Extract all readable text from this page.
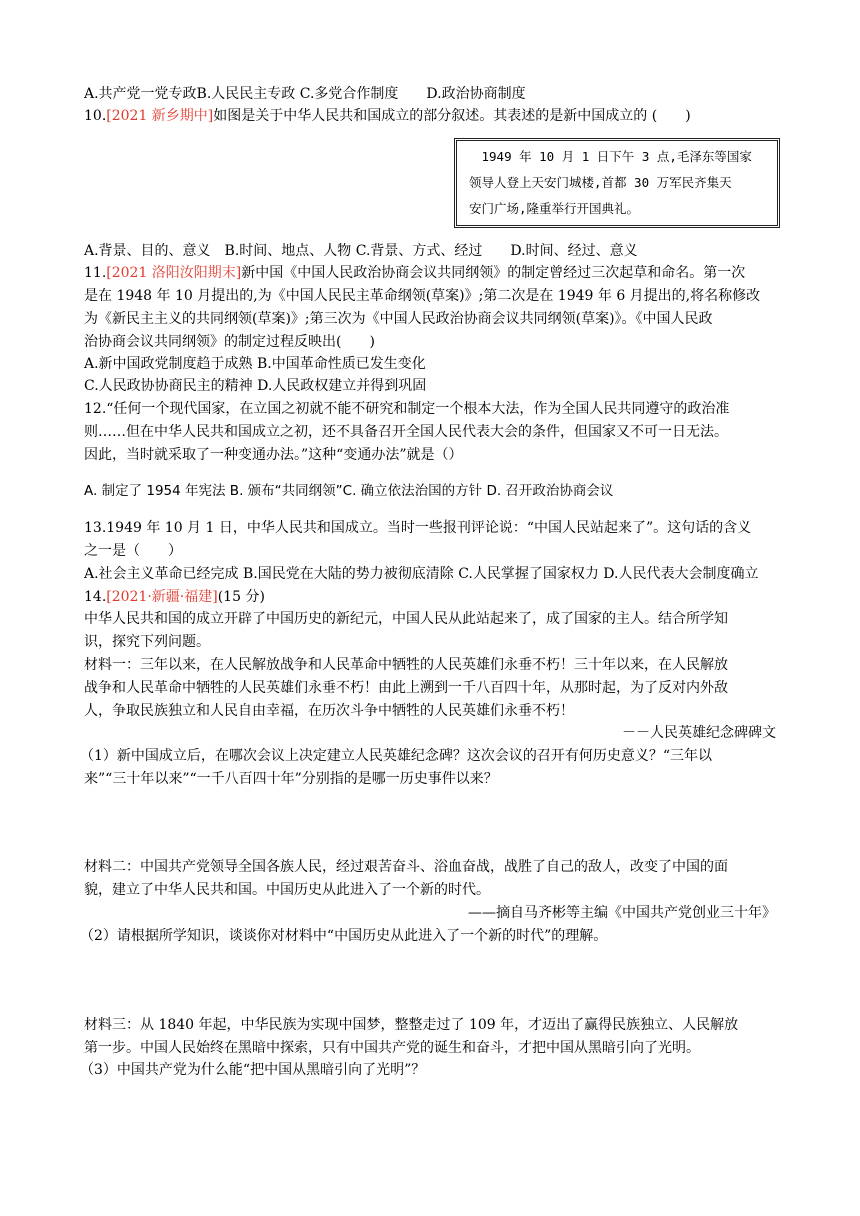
A.共产党一党专政B.人民民主专政 C.多党合作制度　　D.政治协商制度
10.[2021 新乡期中]如图是关于中华人民共和国成立的部分叙述。其表述的是新中国成立的 (　　)
　1949 年 10 月 1 日下午 3 点,毛泽东等国家
领导人登上天安门城楼,首都 30 万军民齐集天
安门广场,隆重举行开国典礼。
A.背景、目的、意义　B.时间、地点、人物 C.背景、方式、经过　　D.时间、经过、意义
11.[2021 洛阳汝阳期末]新中国《中国人民政治协商会议共同纲领》的制定曾经过三次起草和命名。第一次
是在 1948 年 10 月提出的,为《中国人民民主革命纲领(草案)》;第二次是在 1949 年 6 月提出的,将名称修改
为《新民主主义的共同纲领(草案)》;第三次为《中国人民政治协商会议共同纲领(草案)》。《中国人民政
治协商会议共同纲领》的制定过程反映出(　　)
A.新中国政党制度趋于成熟 B.中国革命性质已发生变化
C.人民政协协商民主的精神 D.人民政权建立并得到巩固
12.“任何一个现代国家，在立国之初就不能不研究和制定一个根本大法，作为全国人民共同遵守的政治准
则……但在中华人民共和国成立之初，还不具备召开全国人民代表大会的条件，但国家又不可一日无法。
因此，当时就采取了一种变通办法。”这种“变通办法”就是（）
A. 制定了 1954 年宪法 B. 颁布“共同纲领”C. 确立依法治国的方针 D. 召开政治协商会议
13.1949 年 10 月 1 日，中华人民共和国成立。当时一些报刊评论说：“中国人民站起来了”。这句话的含义
之一是（　　）
A.社会主义革命已经完成 B.国民党在大陆的势力被彻底清除 C.人民掌握了国家权力 D.人民代表大会制度确立
14.[2021·新疆·福建](15 分)
中华人民共和国的成立开辟了中国历史的新纪元，中国人民从此站起来了，成了国家的主人。结合所学知
识，探究下列问题。
材料一：三年以来，在人民解放战争和人民革命中牺牲的人民英雄们永垂不朽！三十年以来，在人民解放
战争和人民革命中牺牲的人民英雄们永垂不朽！由此上溯到一千八百四十年，从那时起，为了反对内外敌
人，争取民族独立和人民自由幸福，在历次斗争中牺牲的人民英雄们永垂不朽！
－－人民英雄纪念碑碑文
（1）新中国成立后，在哪次会议上决定建立人民英雄纪念碑？这次会议的召开有何历史意义？“三年以
来”“三十年以来”“一千八百四十年”分别指的是哪一历史事件以来？
材料二：中国共产党领导全国各族人民，经过艰苦奋斗、浴血奋战，战胜了自己的敌人，改变了中国的面
貌，建立了中华人民共和国。中国历史从此进入了一个新的时代。
——摘自马齐彬等主编《中国共产党创业三十年》
（2）请根据所学知识，谈谈你对材料中“中国历史从此进入了一个新的时代”的理解。
材料三：从 1840 年起，中华民族为实现中国梦，整整走过了 109 年，才迈出了赢得民族独立、人民解放
第一步。中国人民始终在黑暗中探索，只有中国共产党的诞生和奋斗，才把中国从黑暗引向了光明。
（3）中国共产党为什么能“把中国从黑暗引向了光明”？
